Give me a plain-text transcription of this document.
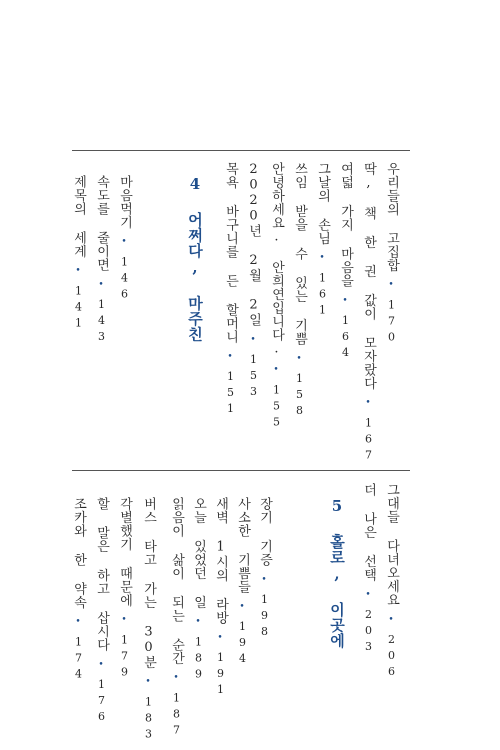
우리들의 고집합•170
딱, 책 한 권 값이 모자랐다•167
여덟 가지 마음을•164
그날의 손님•161
쓰임 받을 수 있는 기쁨•158
안녕하세요. 안희연입니다.•155
2020년 2월 2일•153
목욕 바구니를 든 할머니•151
4 어쩌다, 마주친
마음먹기•146
속도를 줄이면•143
제목의 세계•141
그대들 다녀오세요•206
더 나은 선택•203
5 홀로, 이곳에
장기 기증•198
사소한 기쁨들•194
새벽 1시의 라방•191
오늘 있었던 일•189
읽음이 삶이 되는 순간•187
버스 타고 가는 30분•183
각별했기 때문에•179
할 말은 하고 삽시다•176
조카와 한 약속•174
